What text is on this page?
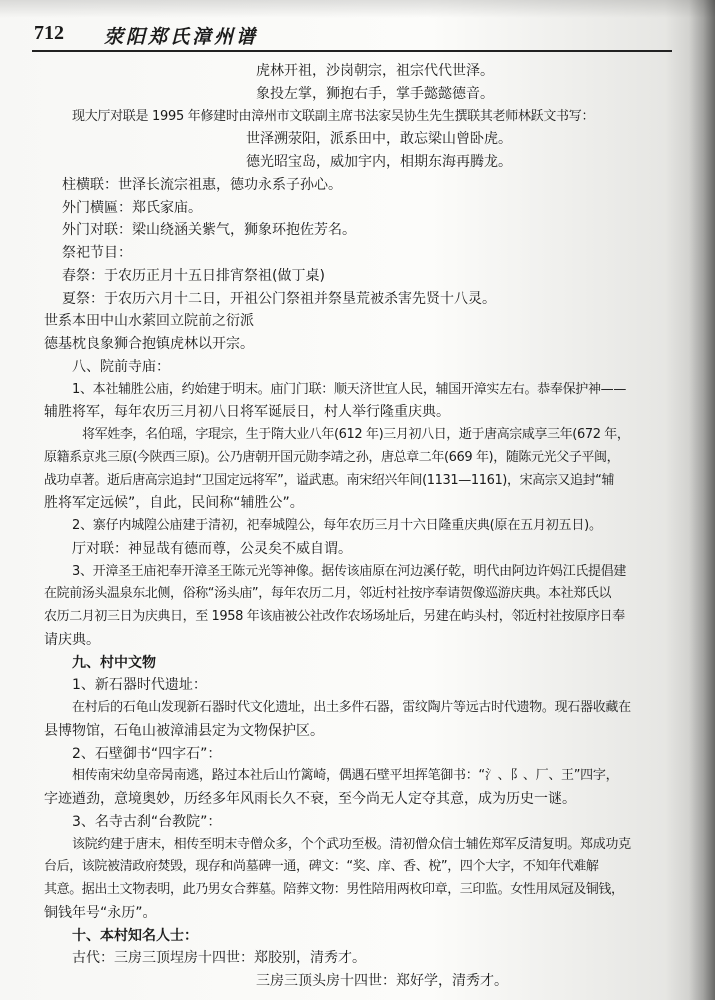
712 荥阳郑氏漳州谱
虎林开祖，沙岗朝宗，祖宗代代世泽。
象投左掌，狮抱右手，掌手懿懿德音。
现大厅对联是 1995 年修建时由漳州市文联副主席书法家吴协生先生撰联其老师林跃文书写：
世泽溯荥阳，派系田中，敢忘梁山曾卧虎。
德光昭宝岛，威加宇内，相期东海再腾龙。
柱横联：世泽长流宗祖惠，德功永系子孙心。
外门横匾：郑氏家庙。
外门对联：梁山绕涵关紫气，狮象环抱佐芳名。
祭祀节目：
春祭：于农历正月十五日排宵祭祖(做丁桌)
夏祭：于农历六月十二日，开祖公门祭祖并祭垦荒被杀害先贤十八灵。
世系本田中山水萦回立院前之衍派
德基枕良象狮合抱镇虎林以开宗。
八、院前寺庙：
1、本社辅胜公庙，约始建于明末。庙门门联：顺天济世宜人民，辅国开漳实左右。恭奉保护神——
辅胜将军，每年农历三月初八日将军诞辰日，村人举行隆重庆典。
将军姓李，名伯瑶，字琨宗，生于隋大业八年(612 年)三月初八日，逝于唐高宗咸享三年(672 年，
原籍系京兆三原(今陕西三原)。公乃唐朝开国元勋李靖之孙，唐总章二年(669 年)，随陈元光父子平闽，
战功卓著。逝后唐高宗追封“卫国定远将军”，谥武惠。南宋绍兴年间(1131—1161)，宋高宗又追封“辅
胜将军定远候”，自此，民间称“辅胜公”。
2、寨仔内城隍公庙建于清初，祀奉城隍公，每年农历三月十六日隆重庆典(原在五月初五日)。
厅对联：神显哉有德而尊，公灵矣不威自谓。
3、开漳圣王庙祀奉开漳圣王陈元光等神像。据传该庙原在河边溪仔乾，明代由阿边许妈江氏提倡建
在院前汤头温泉东北侧，俗称“汤头庙”，每年农历二月，邻近村社按序奉请贺像巡游庆典。本社郑氏以
农历二月初三日为庆典日，至 1958 年该庙被公社改作农场场址后，另建在屿头村，邻近村社按原序日奉
请庆典。
九、村中文物
1、新石器时代遗址：
在村后的石龟山发现新石器时代文化遗址，出土多件石器，雷纹陶片等远古时代遗物。现石器收藏在
县博物馆，石龟山被漳浦县定为文物保护区。
2、石壁御书“四字石”：
相传南宋幼皇帝昺南逃，路过本社后山竹篱崎，偶遇石壁平坦挥笔御书：“氵、阝、厂、王”四字，
字迹遒劲，意境奥妙，历经多年风雨长久不衰，至今尚无人定夺其意，成为历史一谜。
3、名寺古刹“台教院”：
该院约建于唐末，相传至明末寺僧众多，个个武功至极。清初僧众信士辅佐郑军反清复明。郑成功克
台后，该院被清政府焚毁，现存和尚墓碑一通，碑文：“奖、庠、香、梲”，四个大字，不知年代难解
其意。据出土文物表明，此乃男女合葬墓。陪葬文物：男性陪用两枚印章，三印监。女性用凤冠及铜钱，
铜钱年号“永历”。
古代：三房三顶埕房十四世：郑胶别，清秀才。
三房三顶头房十四世：郑好学，清秀才。
十、本村知名人士：
